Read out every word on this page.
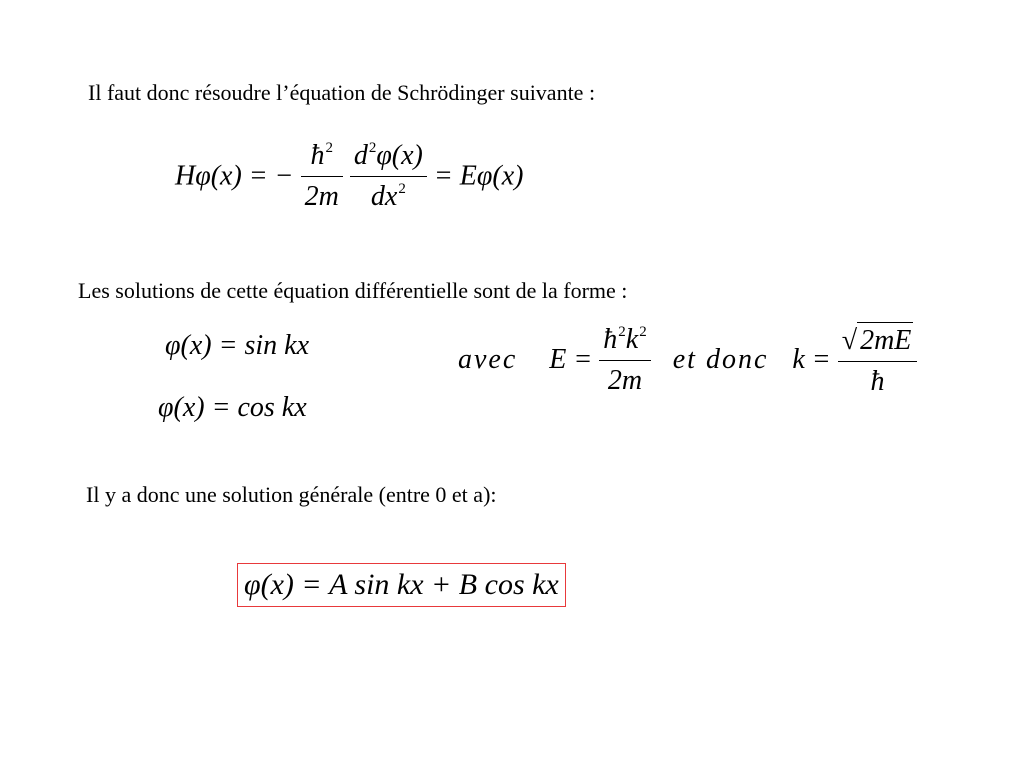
Il faut donc résoudre l’équation de Schrödinger suivante :
Hφ(x) = − $\frac{ħ^2}{2m}$
$\frac{d^2\varphi(x)}{dx^2} = E\varphi(x)$
Les solutions de cette équation différentielle sont de la forme :
φ(x) = sin kx
φ(x) = cos kx
avec $E = \frac{ħ^2k^2}{2m}$ et donc $k = \frac{√ 2mE}{ħ}$
Il y a donc une solution générale (entre 0 et a):
φ(x) = A sin kx + B cos kx
